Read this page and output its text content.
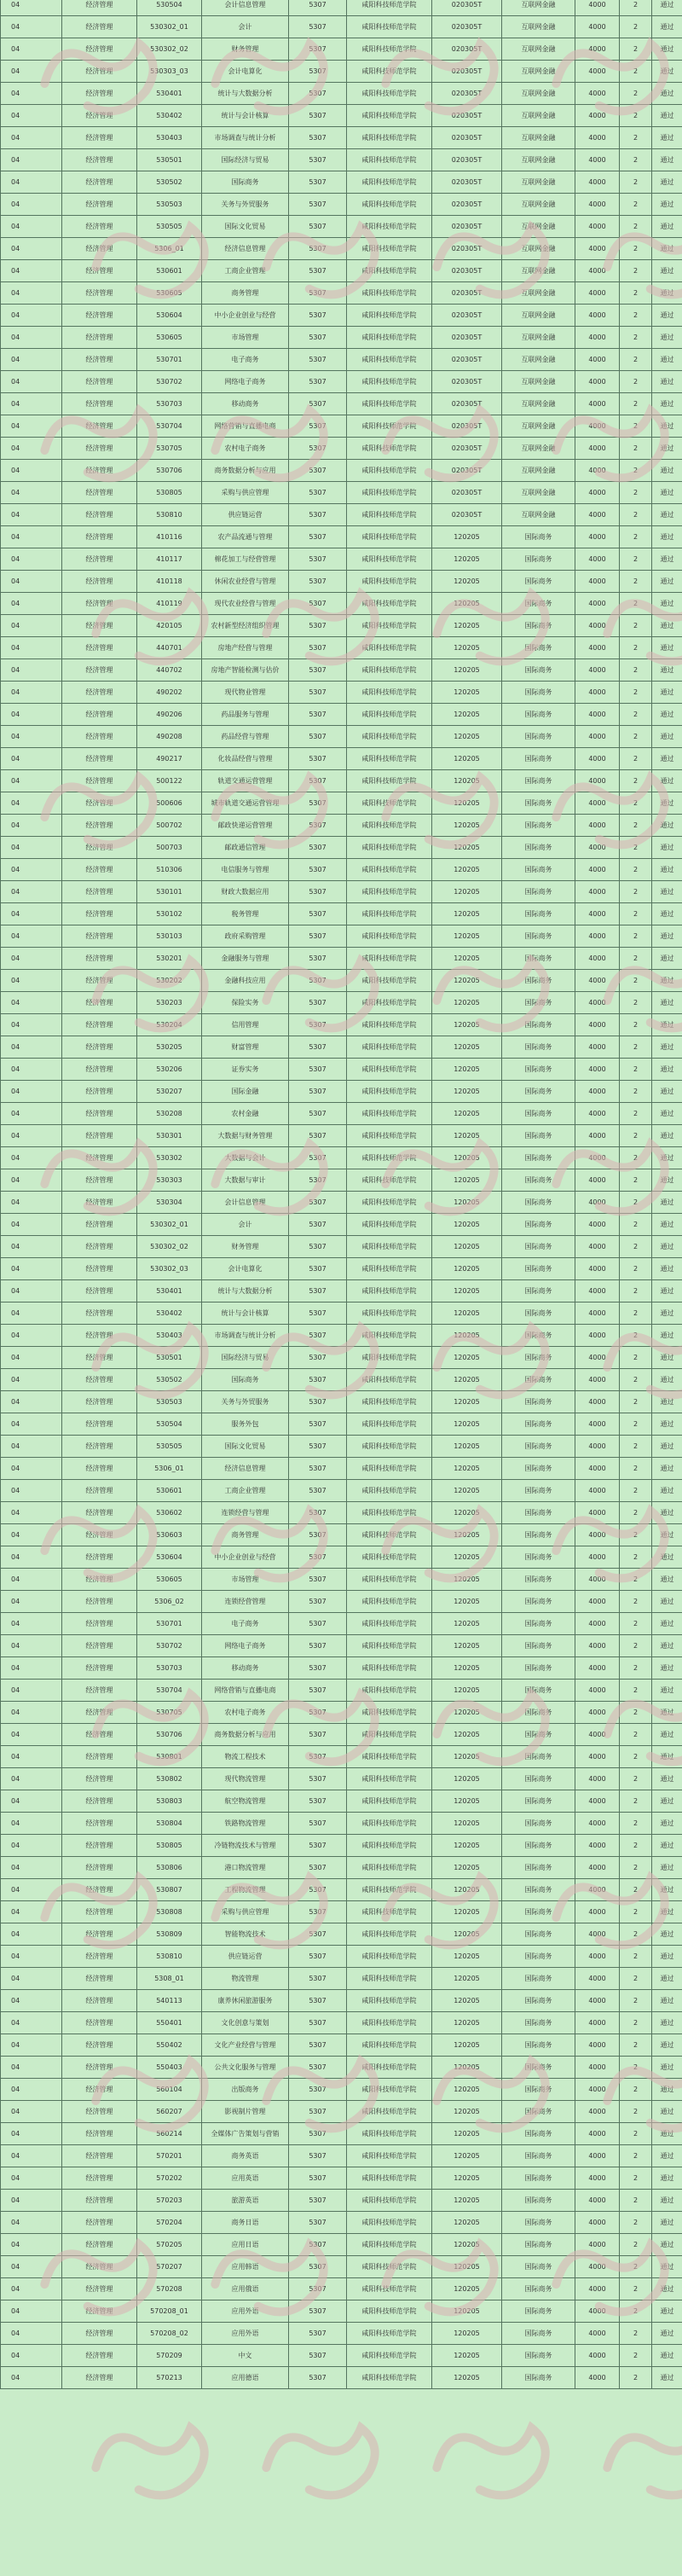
04	经济管理	530504	会计信息管理	5307	咸阳科技师范学院	020305T	互联网金融	4000	2	通过
04	经济管理	530302_01	会计	5307	咸阳科技师范学院	020305T	互联网金融	4000	2	通过
04	经济管理	530302_02	财务管理	5307	咸阳科技师范学院	020305T	互联网金融	4000	2	通过
04	经济管理	530303_03	会计电算化	5307	咸阳科技师范学院	020305T	互联网金融	4000	2	通过
04	经济管理	530401	统计与大数据分析	5307	咸阳科技师范学院	020305T	互联网金融	4000	2	通过
04	经济管理	530402	统计与会计核算	5307	咸阳科技师范学院	020305T	互联网金融	4000	2	通过
04	经济管理	530403	市场调查与统计分析	5307	咸阳科技师范学院	020305T	互联网金融	4000	2	通过
04	经济管理	530501	国际经济与贸易	5307	咸阳科技师范学院	020305T	互联网金融	4000	2	通过
04	经济管理	530502	国际商务	5307	咸阳科技师范学院	020305T	互联网金融	4000	2	通过
04	经济管理	530503	关务与外贸服务	5307	咸阳科技师范学院	020305T	互联网金融	4000	2	通过
04	经济管理	530505	国际文化贸易	5307	咸阳科技师范学院	020305T	互联网金融	4000	2	通过
04	经济管理	5306_01	经济信息管理	5307	咸阳科技师范学院	020305T	互联网金融	4000	2	通过
04	经济管理	530601	工商企业管理	5307	咸阳科技师范学院	020305T	互联网金融	4000	2	通过
04	经济管理	530605	商务管理	5307	咸阳科技师范学院	020305T	互联网金融	4000	2	通过
04	经济管理	530604	中小企业创业与经营	5307	咸阳科技师范学院	020305T	互联网金融	4000	2	通过
04	经济管理	530605	市场管理	5307	咸阳科技师范学院	020305T	互联网金融	4000	2	通过
04	经济管理	530701	电子商务	5307	咸阳科技师范学院	020305T	互联网金融	4000	2	通过
04	经济管理	530702	网络电子商务	5307	咸阳科技师范学院	020305T	互联网金融	4000	2	通过
04	经济管理	530703	移动商务	5307	咸阳科技师范学院	020305T	互联网金融	4000	2	通过
04	经济管理	530704	网络营销与直播电商	5307	咸阳科技师范学院	020305T	互联网金融	4000	2	通过
04	经济管理	530705	农村电子商务	5307	咸阳科技师范学院	020305T	互联网金融	4000	2	通过
04	经济管理	530706	商务数据分析与应用	5307	咸阳科技师范学院	020305T	互联网金融	4000	2	通过
04	经济管理	530805	采购与供应管理	5307	咸阳科技师范学院	020305T	互联网金融	4000	2	通过
04	经济管理	530810	供应链运营	5307	咸阳科技师范学院	020305T	互联网金融	4000	2	通过
04	经济管理	410116	农产品流通与管理	5307	咸阳科技师范学院	120205	国际商务	4000	2	通过
04	经济管理	410117	棉花加工与经营管理	5307	咸阳科技师范学院	120205	国际商务	4000	2	通过
04	经济管理	410118	休闲农业经营与管理	5307	咸阳科技师范学院	120205	国际商务	4000	2	通过
04	经济管理	410119	现代农业经营与管理	5307	咸阳科技师范学院	120205	国际商务	4000	2	通过
04	经济管理	420105	农村新型经济组织管理	5307	咸阳科技师范学院	120205	国际商务	4000	2	通过
04	经济管理	440701	房地产经营与管理	5307	咸阳科技师范学院	120205	国际商务	4000	2	通过
04	经济管理	440702	房地产智能检测与估价	5307	咸阳科技师范学院	120205	国际商务	4000	2	通过
04	经济管理	490202	现代物业管理	5307	咸阳科技师范学院	120205	国际商务	4000	2	通过
04	经济管理	490206	药品服务与管理	5307	咸阳科技师范学院	120205	国际商务	4000	2	通过
04	经济管理	490208	药品经营与管理	5307	咸阳科技师范学院	120205	国际商务	4000	2	通过
04	经济管理	490217	化妆品经营与管理	5307	咸阳科技师范学院	120205	国际商务	4000	2	通过
04	经济管理	500122	轨道交通运营管理	5307	咸阳科技师范学院	120205	国际商务	4000	2	通过
04	经济管理	500606	城市轨道交通运营管理	5307	咸阳科技师范学院	120205	国际商务	4000	2	通过
04	经济管理	500702	邮政快递运营管理	5307	咸阳科技师范学院	120205	国际商务	4000	2	通过
04	经济管理	500703	邮政通信管理	5307	咸阳科技师范学院	120205	国际商务	4000	2	通过
04	经济管理	510306	电信服务与管理	5307	咸阳科技师范学院	120205	国际商务	4000	2	通过
04	经济管理	530101	财政大数据应用	5307	咸阳科技师范学院	120205	国际商务	4000	2	通过
04	经济管理	530102	税务管理	5307	咸阳科技师范学院	120205	国际商务	4000	2	通过
04	经济管理	530103	政府采购管理	5307	咸阳科技师范学院	120205	国际商务	4000	2	通过
04	经济管理	530201	金融服务与管理	5307	咸阳科技师范学院	120205	国际商务	4000	2	通过
04	经济管理	530202	金融科技应用	5307	咸阳科技师范学院	120205	国际商务	4000	2	通过
04	经济管理	530203	保险实务	5307	咸阳科技师范学院	120205	国际商务	4000	2	通过
04	经济管理	530204	信用管理	5307	咸阳科技师范学院	120205	国际商务	4000	2	通过
04	经济管理	530205	财富管理	5307	咸阳科技师范学院	120205	国际商务	4000	2	通过
04	经济管理	530206	证券实务	5307	咸阳科技师范学院	120205	国际商务	4000	2	通过
04	经济管理	530207	国际金融	5307	咸阳科技师范学院	120205	国际商务	4000	2	通过
04	经济管理	530208	农村金融	5307	咸阳科技师范学院	120205	国际商务	4000	2	通过
04	经济管理	530301	大数据与财务管理	5307	咸阳科技师范学院	120205	国际商务	4000	2	通过
04	经济管理	530302	大数据与会计	5307	咸阳科技师范学院	120205	国际商务	4000	2	通过
04	经济管理	530303	大数据与审计	5307	咸阳科技师范学院	120205	国际商务	4000	2	通过
04	经济管理	530304	会计信息管理	5307	咸阳科技师范学院	120205	国际商务	4000	2	通过
04	经济管理	530302_01	会计	5307	咸阳科技师范学院	120205	国际商务	4000	2	通过
04	经济管理	530302_02	财务管理	5307	咸阳科技师范学院	120205	国际商务	4000	2	通过
04	经济管理	530302_03	会计电算化	5307	咸阳科技师范学院	120205	国际商务	4000	2	通过
04	经济管理	530401	统计与大数据分析	5307	咸阳科技师范学院	120205	国际商务	4000	2	通过
04	经济管理	530402	统计与会计核算	5307	咸阳科技师范学院	120205	国际商务	4000	2	通过
04	经济管理	530403	市场调查与统计分析	5307	咸阳科技师范学院	120205	国际商务	4000	2	通过
04	经济管理	530501	国际经济与贸易	5307	咸阳科技师范学院	120205	国际商务	4000	2	通过
04	经济管理	530502	国际商务	5307	咸阳科技师范学院	120205	国际商务	4000	2	通过
04	经济管理	530503	关务与外贸服务	5307	咸阳科技师范学院	120205	国际商务	4000	2	通过
04	经济管理	530504	服务外包	5307	咸阳科技师范学院	120205	国际商务	4000	2	通过
04	经济管理	530505	国际文化贸易	5307	咸阳科技师范学院	120205	国际商务	4000	2	通过
04	经济管理	5306_01	经济信息管理	5307	咸阳科技师范学院	120205	国际商务	4000	2	通过
04	经济管理	530601	工商企业管理	5307	咸阳科技师范学院	120205	国际商务	4000	2	通过
04	经济管理	530602	连锁经营与管理	5307	咸阳科技师范学院	120205	国际商务	4000	2	通过
04	经济管理	530603	商务管理	5307	咸阳科技师范学院	120205	国际商务	4000	2	通过
04	经济管理	530604	中小企业创业与经营	5307	咸阳科技师范学院	120205	国际商务	4000	2	通过
04	经济管理	530605	市场管理	5307	咸阳科技师范学院	120205	国际商务	4000	2	通过
04	经济管理	5306_02	连锁经营管理	5307	咸阳科技师范学院	120205	国际商务	4000	2	通过
04	经济管理	530701	电子商务	5307	咸阳科技师范学院	120205	国际商务	4000	2	通过
04	经济管理	530702	网络电子商务	5307	咸阳科技师范学院	120205	国际商务	4000	2	通过
04	经济管理	530703	移动商务	5307	咸阳科技师范学院	120205	国际商务	4000	2	通过
04	经济管理	530704	网络营销与直播电商	5307	咸阳科技师范学院	120205	国际商务	4000	2	通过
04	经济管理	530705	农村电子商务	5307	咸阳科技师范学院	120205	国际商务	4000	2	通过
04	经济管理	530706	商务数据分析与应用	5307	咸阳科技师范学院	120205	国际商务	4000	2	通过
04	经济管理	530801	物流工程技术	5307	咸阳科技师范学院	120205	国际商务	4000	2	通过
04	经济管理	530802	现代物流管理	5307	咸阳科技师范学院	120205	国际商务	4000	2	通过
04	经济管理	530803	航空物流管理	5307	咸阳科技师范学院	120205	国际商务	4000	2	通过
04	经济管理	530804	铁路物流管理	5307	咸阳科技师范学院	120205	国际商务	4000	2	通过
04	经济管理	530805	冷链物流技术与管理	5307	咸阳科技师范学院	120205	国际商务	4000	2	通过
04	经济管理	530806	港口物流管理	5307	咸阳科技师范学院	120205	国际商务	4000	2	通过
04	经济管理	530807	工程物流管理	5307	咸阳科技师范学院	120205	国际商务	4000	2	通过
04	经济管理	530808	采购与供应管理	5307	咸阳科技师范学院	120205	国际商务	4000	2	通过
04	经济管理	530809	智能物流技术	5307	咸阳科技师范学院	120205	国际商务	4000	2	通过
04	经济管理	530810	供应链运营	5307	咸阳科技师范学院	120205	国际商务	4000	2	通过
04	经济管理	5308_01	物流管理	5307	咸阳科技师范学院	120205	国际商务	4000	2	通过
04	经济管理	540113	康养休闲旅游服务	5307	咸阳科技师范学院	120205	国际商务	4000	2	通过
04	经济管理	550401	文化创意与策划	5307	咸阳科技师范学院	120205	国际商务	4000	2	通过
04	经济管理	550402	文化产业经营与管理	5307	咸阳科技师范学院	120205	国际商务	4000	2	通过
04	经济管理	550403	公共文化服务与管理	5307	咸阳科技师范学院	120205	国际商务	4000	2	通过
04	经济管理	560104	出版商务	5307	咸阳科技师范学院	120205	国际商务	4000	2	通过
04	经济管理	560207	影视制片管理	5307	咸阳科技师范学院	120205	国际商务	4000	2	通过
04	经济管理	560214	全媒体广告策划与营销	5307	咸阳科技师范学院	120205	国际商务	4000	2	通过
04	经济管理	570201	商务英语	5307	咸阳科技师范学院	120205	国际商务	4000	2	通过
04	经济管理	570202	应用英语	5307	咸阳科技师范学院	120205	国际商务	4000	2	通过
04	经济管理	570203	旅游英语	5307	咸阳科技师范学院	120205	国际商务	4000	2	通过
04	经济管理	570204	商务日语	5307	咸阳科技师范学院	120205	国际商务	4000	2	通过
04	经济管理	570205	应用日语	5307	咸阳科技师范学院	120205	国际商务	4000	2	通过
04	经济管理	570207	应用韩语	5307	咸阳科技师范学院	120205	国际商务	4000	2	通过
04	经济管理	570208	应用俄语	5307	咸阳科技师范学院	120205	国际商务	4000	2	通过
04	经济管理	570208_01	应用外语	5307	咸阳科技师范学院	120205	国际商务	4000	2	通过
04	经济管理	570208_02	应用外语	5307	咸阳科技师范学院	120205	国际商务	4000	2	通过
04	经济管理	570209	中文	5307	咸阳科技师范学院	120205	国际商务	4000	2	通过
04	经济管理	570213	应用德语	5307	咸阳科技师范学院	120205	国际商务	4000	2	通过
